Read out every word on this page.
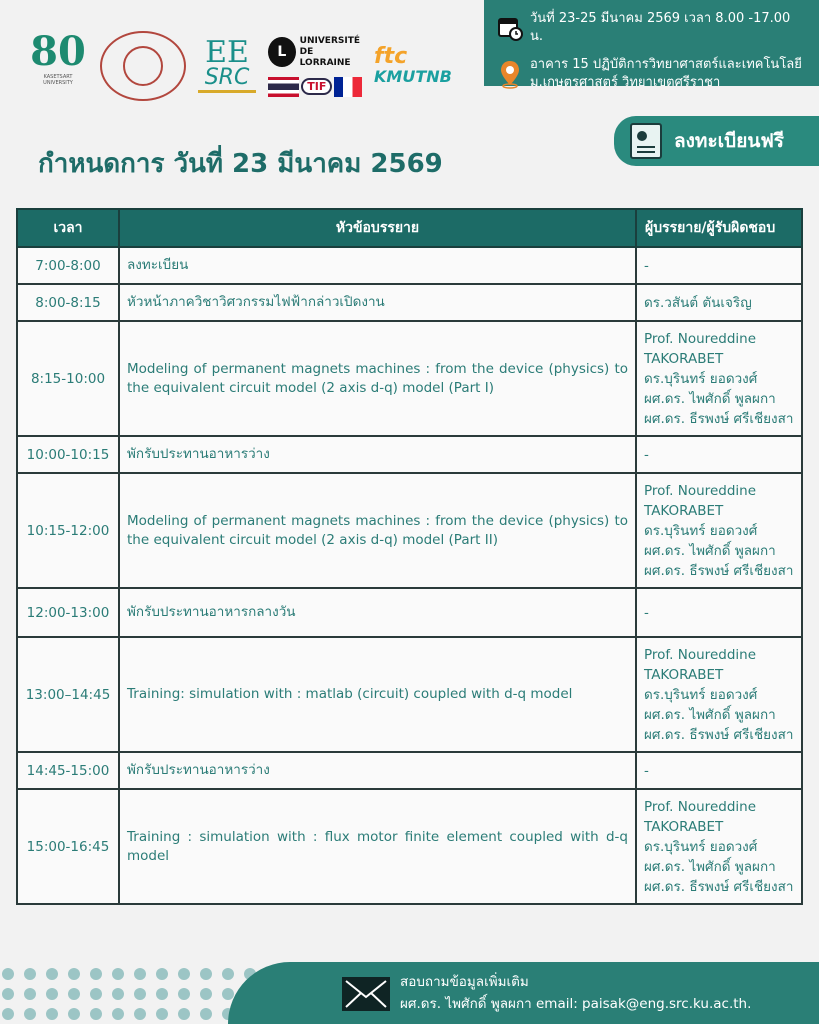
วันที่ 23-25 มีนาคม 2569 เวลา 8.00 -17.00 น.
อาคาร 15 ปฏิบัติการวิทยาศาสตร์และเทคโนโลยี
ม.เกษตรศาสตร์ วิทยาเขตศรีราชา
80
KASETSART UNIVERSITY
EE
SRC
L
UNIVERSITÉ
DE LORRAINE
TIF
ftc
KMUTNB
ลงทะเบียนฟรี
กำหนดการ วันที่ 23 มีนาคม 2569
เวลา	หัวข้อบรรยาย	ผู้บรรยาย/ผู้รับผิดชอบ
7:00-8:00	ลงทะเบียน	-

8:00-8:15	หัวหน้าภาควิชาวิศวกรรมไฟฟ้ากล่าวเปิดงาน	ดร.วสันต์ ตันเจริญ

8:15-10:00	Modeling of permanent magnets machines : from the device (physics) to the equivalent circuit model (2 axis d-q) model (Part I)	Prof. Noureddine TAKORABET
ดร.บุรินทร์ ยอดวงศ์
ผศ.ดร. ไพศักดิ์ พูลผกา
ผศ.ดร. ธีรพงษ์ ศรีเชียงสา

10:00-10:15	พักรับประทานอาหารว่าง	-

10:15-12:00	Modeling of permanent magnets machines : from the device (physics) to the equivalent circuit model (2 axis d-q) model (Part II)	Prof. Noureddine TAKORABET
ดร.บุรินทร์ ยอดวงศ์
ผศ.ดร. ไพศักดิ์ พูลผกา
ผศ.ดร. ธีรพงษ์ ศรีเชียงสา

12:00-13:00	พักรับประทานอาหารกลางวัน	-

13:00–14:45	Training: simulation with : matlab (circuit) coupled with d-q model	Prof. Noureddine TAKORABET
ดร.บุรินทร์ ยอดวงศ์
ผศ.ดร. ไพศักดิ์ พูลผกา
ผศ.ดร. ธีรพงษ์ ศรีเชียงสา

14:45-15:00	พักรับประทานอาหารว่าง	-

15:00-16:45	Training : simulation with : flux motor finite element coupled with d-q model	Prof. Noureddine TAKORABET
ดร.บุรินทร์ ยอดวงศ์
ผศ.ดร. ไพศักดิ์ พูลผกา
ผศ.ดร. ธีรพงษ์ ศรีเชียงสา
สอบถามข้อมูลเพิ่มเติม
ผศ.ดร. ไพศักดิ์ พูลผกา email: paisak@eng.src.ku.ac.th.
